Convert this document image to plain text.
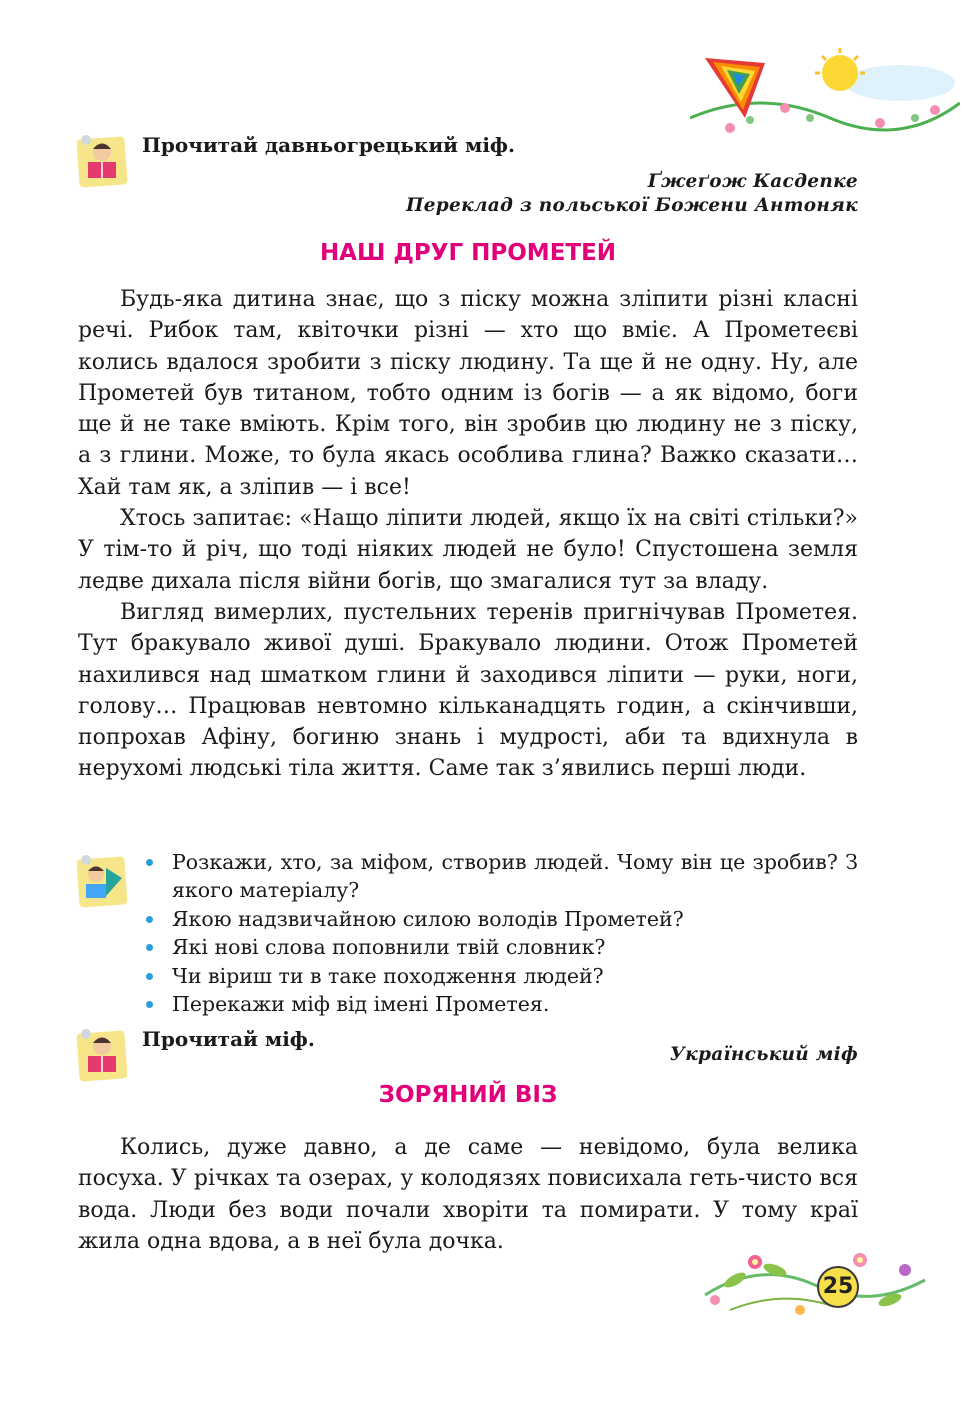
Прочитай давньогрецький міф.
Ґжеґож Касдепке
Переклад з польської Божени Антоняк
НАШ ДРУГ ПРОМЕТЕЙ

Будь-яка дитина знає, що з піску можна зліпити різні класні речі. Рибок там, квіточки різні — хто що вміє. А Прометеєві колись вдалося зробити з піску людину. Та ще й не одну. Ну, але Прометей був титаном, тобто одним із богів — а як відомо, боги ще й не таке вміють. Крім того, він зробив цю людину не з піску, а з глини. Може, то була якась особлива глина? Важко сказати… Хай там як, а зліпив — і все!

Хтось запитає: «Нащо ліпити людей, якщо їх на світі стільки?» У тім-то й річ, що тоді ніяких людей не було! Спустошена земля ледве дихала після війни богів, що змагалися тут за владу.

Вигляд вимерлих, пустельних теренів пригнічував Прометея. Тут бракувало живої душі. Бракувало людини. Отож Прометей нахилився над шматком глини й заходився ліпити — руки, ноги, голову… Працював невтомно кільканадцять годин, а скінчивши, попрохав Афіну, богиню знань і мудрості, аби та вдихнула в нерухомі людські тіла життя. Саме так з’явились перші люди.

Розкажи, хто, за міфом, створив людей. Чому він це зробив? З якого матеріалу?
Якою надзвичайною силою володів Прометей?
Які нові слова поповнили твій словник?
Чи віриш ти в таке походження людей?
Перекажи міф від імені Прометея.
Прочитай міф.
Український міф
ЗОРЯНИЙ ВІЗ

Колись, дуже давно, а де саме — невідомо, була велика посуха. У річках та озерах, у колодязях повисихала геть-чисто вся вода. Люди без води почали хворіти та помирати. У тому краї жила одна вдова, а в неї була дочка.

25
